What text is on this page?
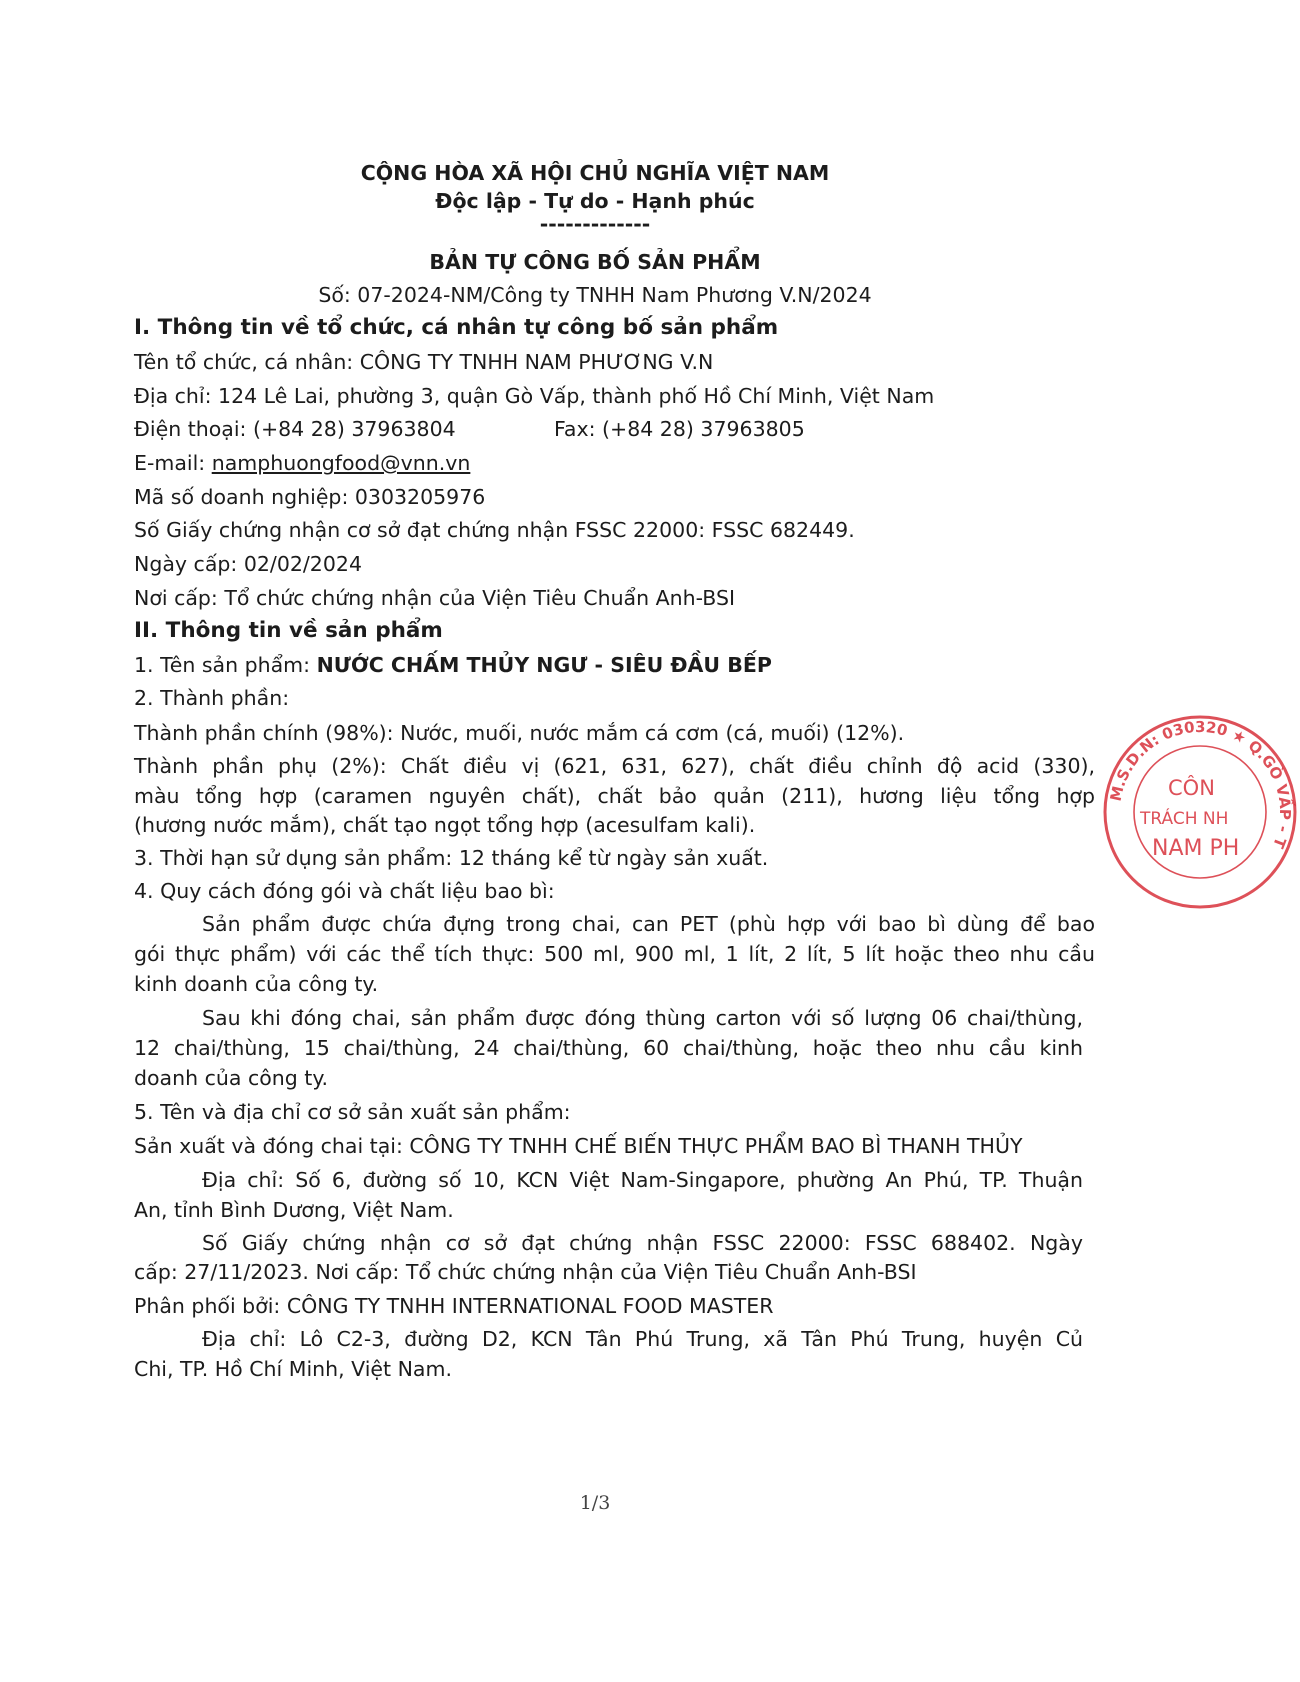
CỘNG HÒA XÃ HỘI CHỦ NGHĨA VIỆT NAM
Độc lập - Tự do - Hạnh phúc
-------------
BẢN TỰ CÔNG BỐ SẢN PHẨM
Số: 07-2024-NM/Công ty TNHH Nam Phương V.N/2024
I. Thông tin về tổ chức, cá nhân tự công bố sản phẩm
Tên tổ chức, cá nhân: CÔNG TY TNHH NAM PHƯƠNG V.N
Địa chỉ: 124 Lê Lai, phường 3, quận Gò Vấp, thành phố Hồ Chí Minh, Việt Nam
Điện thoại: (+84 28) 37963804	Fax: (+84 28) 37963805
E-mail: namphuongfood@vnn.vn
Mã số doanh nghiệp: 0303205976
Số Giấy chứng nhận cơ sở đạt chứng nhận FSSC 22000: FSSC 682449.
Ngày cấp: 02/02/2024
Nơi cấp: Tổ chức chứng nhận của Viện Tiêu Chuẩn Anh-BSI
II. Thông tin về sản phẩm
1. Tên sản phẩm: NƯỚC CHẤM THỦY NGƯ - SIÊU ĐẦU BẾP
2. Thành phần:
Thành phần chính (98%): Nước, muối, nước mắm cá cơm (cá, muối) (12%).
Thành phần phụ (2%): Chất điều vị (621, 631, 627), chất điều chỉnh độ acid (330),
màu tổng hợp (caramen nguyên chất), chất bảo quản (211), hương liệu tổng hợp
(hương nước mắm), chất tạo ngọt tổng hợp (acesulfam kali).
3. Thời hạn sử dụng sản phẩm: 12 tháng kể từ ngày sản xuất.
4. Quy cách đóng gói và chất liệu bao bì:
Sản phẩm được chứa đựng trong chai, can PET (phù hợp với bao bì dùng để bao
gói thực phẩm) với các thể tích thực: 500 ml, 900 ml, 1 lít, 2 lít, 5 lít hoặc theo nhu cầu
kinh doanh của công ty.
Sau khi đóng chai, sản phẩm được đóng thùng carton với số lượng 06 chai/thùng,
12 chai/thùng, 15 chai/thùng, 24 chai/thùng, 60 chai/thùng, hoặc theo nhu cầu kinh
doanh của công ty.
5. Tên và địa chỉ cơ sở sản xuất sản phẩm:
Sản xuất và đóng chai tại: CÔNG TY TNHH CHẾ BIẾN THỰC PHẨM BAO BÌ THANH THỦY
Địa chỉ: Số 6, đường số 10, KCN Việt Nam-Singapore, phường An Phú, TP. Thuận
An, tỉnh Bình Dương, Việt Nam.
Số Giấy chứng nhận cơ sở đạt chứng nhận FSSC 22000: FSSC 688402. Ngày
cấp: 27/11/2023. Nơi cấp: Tổ chức chứng nhận của Viện Tiêu Chuẩn Anh-BSI
Phân phối bởi: CÔNG TY TNHH INTERNATIONAL FOOD MASTER
Địa chỉ: Lô C2-3, đường D2, KCN Tân Phú Trung, xã Tân Phú Trung, huyện Củ
Chi, TP. Hồ Chí Minh, Việt Nam.
1/3
M.S.D.N: 030320 ★ Q.GÒ VẤP - T
CÔN
TRÁCH NH
NAM PH
